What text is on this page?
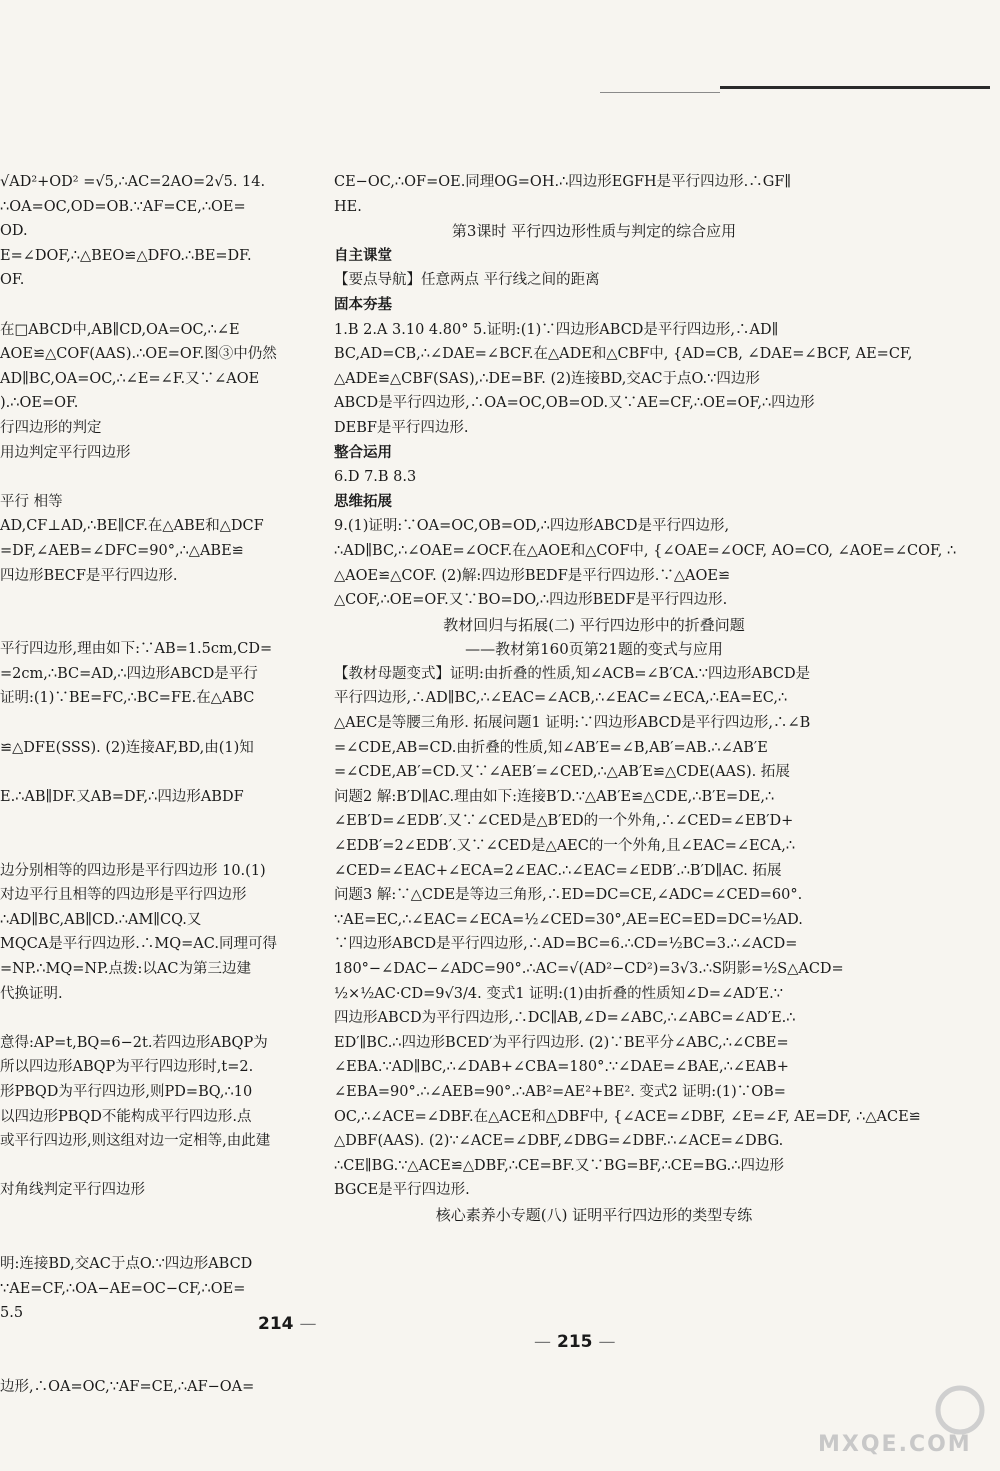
√AD²+OD² =√5,∴AC=2AO=2√5. 14.
∴OA=OC,OD=OB.∵AF=CE,∴OE=
OD.
E=∠DOF,∴△BEO≌△DFO.∴BE=DF.
OF.

在□ABCD中,AB∥CD,OA=OC,∴∠E
AOE≌△COF(AAS).∴OE=OF.图③中仍然
AD∥BC,OA=OC,∴∠E=∠F.又∵∠AOE
).∴OE=OF.
行四边形的判定
用边判定平行四边形

平行 相等
AD,CF⊥AD,∴BE∥CF.在△ABE和△DCF
=DF,∠AEB=∠DFC=90°,∴△ABE≌
四边形BECF是平行四边形.

平行四边形,理由如下:∵AB=1.5cm,CD=
=2cm,∴BC=AD,∴四边形ABCD是平行
证明:(1)∵BE=FC,∴BC=FE.在△ABC

≌△DFE(SSS). (2)连接AF,BD,由(1)知

E.∴AB∥DF.又AB=DF,∴四边形ABDF

边分别相等的四边形是平行四边形 10.(1)
对边平行且相等的四边形是平行四边形
∴AD∥BC,AB∥CD.∴AM∥CQ.又
MQCA是平行四边形.∴MQ=AC.同理可得
=NP.∴MQ=NP.点拨:以AC为第三边建
代换证明.

意得:AP=t,BQ=6−2t.若四边形ABQP为
所以四边形ABQP为平行四边形时,t=2.
形PBQD为平行四边形,则PD=BQ,∴10
以四边形PBQD不能构成平行四边形.点
或平行四边形,则这组对边一定相等,由此建

对角线判定平行四边形

明:连接BD,交AC于点O.∵四边形ABCD
∵AE=CF,∴OA−AE=OC−CF,∴OE=
5.5

边形,∴OA=OC,∵AF=CE,∴AF−OA=
CE−OC,∴OF=OE.同理OG=OH.∴四边形EGFH是平行四边形.∴GF∥
HE.
第3课时 平行四边形性质与判定的综合应用
自主课堂
【要点导航】任意两点 平行线之间的距离
固本夯基
1.B 2.A 3.10 4.80° 5.证明:(1)∵四边形ABCD是平行四边形,∴AD∥
BC,AD=CB,∴∠DAE=∠BCF.在△ADE和△CBF中, {AD=CB, ∠DAE=∠BCF, AE=CF,
△ADE≌△CBF(SAS),∴DE=BF. (2)连接BD,交AC于点O.∵四边形
ABCD是平行四边形,∴OA=OC,OB=OD.又∵AE=CF,∴OE=OF,∴四边形
DEBF是平行四边形.
整合运用
6.D 7.B 8.3
思维拓展
9.(1)证明:∵OA=OC,OB=OD,∴四边形ABCD是平行四边形,
∴AD∥BC,∴∠OAE=∠OCF.在△AOE和△COF中, {∠OAE=∠OCF, AO=CO, ∠AOE=∠COF, ∴
△AOE≌△COF. (2)解:四边形BEDF是平行四边形.∵△AOE≌
△COF,∴OE=OF.又∵BO=DO,∴四边形BEDF是平行四边形.
教材回归与拓展(二) 平行四边形中的折叠问题
——教材第160页第21题的变式与应用
【教材母题变式】证明:由折叠的性质,知∠ACB=∠B′CA.∵四边形ABCD是
平行四边形,∴AD∥BC,∴∠EAC=∠ACB,∴∠EAC=∠ECA,∴EA=EC,∴
△AEC是等腰三角形. 拓展问题1 证明:∵四边形ABCD是平行四边形,∴∠B
=∠CDE,AB=CD.由折叠的性质,知∠AB′E=∠B,AB′=AB.∴∠AB′E
=∠CDE,AB′=CD.又∵∠AEB′=∠CED,∴△AB′E≌△CDE(AAS). 拓展
问题2 解:B′D∥AC.理由如下:连接B′D.∵△AB′E≌△CDE,∴B′E=DE,∴
∠EB′D=∠EDB′.又∵∠CED是△B′ED的一个外角,∴∠CED=∠EB′D+
∠EDB′=2∠EDB′.又∵∠CED是△AEC的一个外角,且∠EAC=∠ECA,∴
∠CED=∠EAC+∠ECA=2∠EAC.∴∠EAC=∠EDB′.∴B′D∥AC. 拓展
问题3 解:∵△CDE是等边三角形,∴ED=DC=CE,∠ADC=∠CED=60°.
∵AE=EC,∴∠EAC=∠ECA=½∠CED=30°,AE=EC=ED=DC=½AD.
∵四边形ABCD是平行四边形,∴AD=BC=6.∴CD=½BC=3.∴∠ACD=
180°−∠DAC−∠ADC=90°.∴AC=√(AD²−CD²)=3√3.∴S阴影=½S△ACD=
½×½AC·CD=9√3/4. 变式1 证明:(1)由折叠的性质知∠D=∠AD′E.∵
四边形ABCD为平行四边形,∴DC∥AB,∠D=∠ABC,∴∠ABC=∠AD′E.∴
ED′∥BC.∴四边形BCED′为平行四边形. (2)∵BE平分∠ABC,∴∠CBE=
∠EBA.∵AD∥BC,∴∠DAB+∠CBA=180°.∵∠DAE=∠BAE,∴∠EAB+
∠EBA=90°.∴∠AEB=90°.∴AB²=AE²+BE². 变式2 证明:(1)∵OB=
OC,∴∠ACE=∠DBF.在△ACE和△DBF中, {∠ACE=∠DBF, ∠E=∠F, AE=DF, ∴△ACE≌
△DBF(AAS). (2)∵∠ACE=∠DBF,∠DBG=∠DBF.∴∠ACE=∠DBG.
∴CE∥BG.∵△ACE≌△DBF,∴CE=BF.又∵BG=BF,∴CE=BG.∴四边形
BGCE是平行四边形.
核心素养小专题(八) 证明平行四边形的类型专练
214 —
— 215 —
MXQE.COM
